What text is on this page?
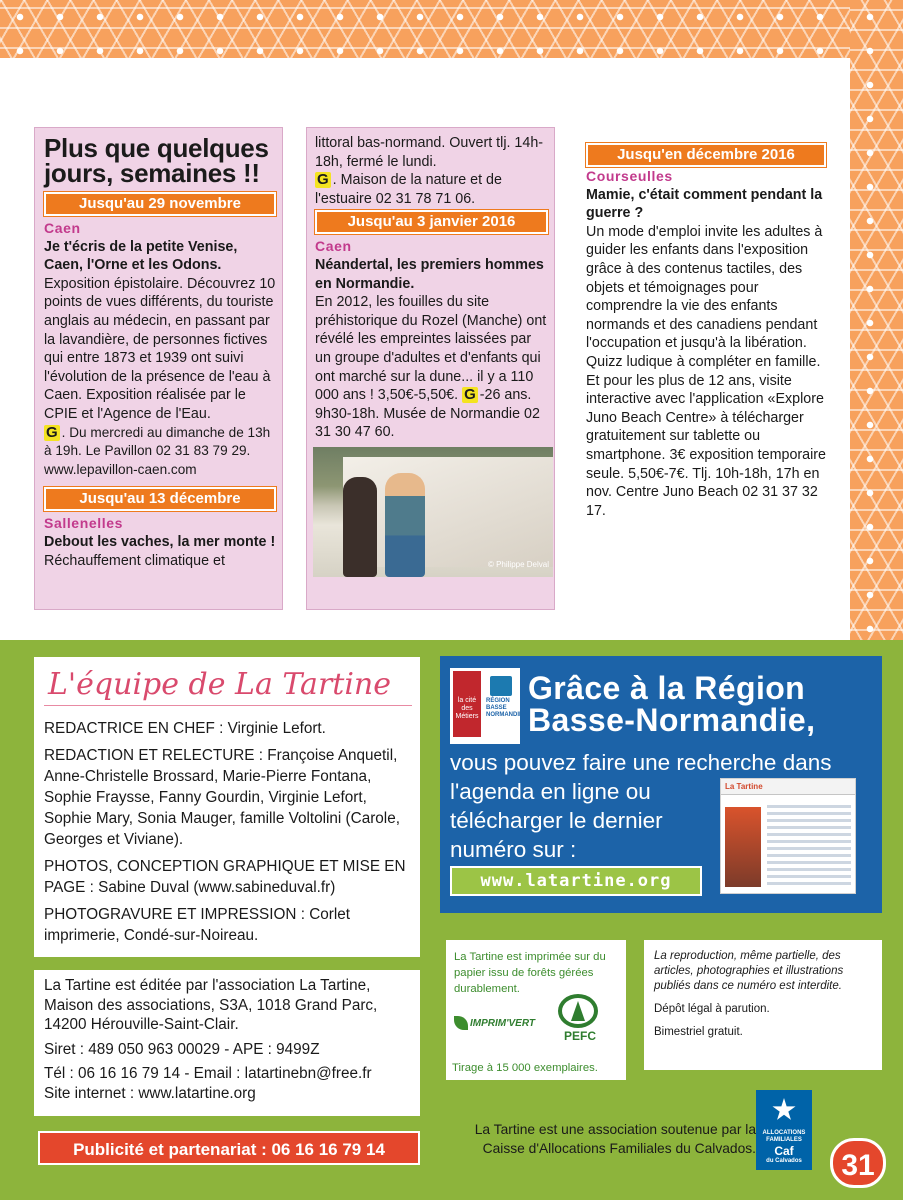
Plus que quelques jours, semaines !!
Jusqu'au 29 novembre
Caen
Je t'écris de la petite Venise, Caen, l'Orne et les Odons.
Exposition épistolaire. Découvrez 10 points de vues différents, du touriste anglais au médecin, en passant par la lavandière, de personnes fictives qui entre 1873 et 1939 ont suivi l'évolution de la présence de l'eau à Caen. Exposition réalisée par le CPIE et l'Agence de l'Eau.
G . Du mercredi au dimanche de 13h à 19h. Le Pavillon 02 31 83 79 29. www.lepavillon-caen.com
Jusqu'au 13 décembre
Sallenelles
Debout les vaches, la mer monte !
Réchauffement climatique et
littoral bas-normand. Ouvert tlj. 14h-18h, fermé le lundi.
G . Maison de la nature et de l'estuaire 02 31 78 71 06.
Jusqu'au 3 janvier 2016
Caen
Néandertal, les premiers hommes en Normandie.
En 2012, les fouilles du site préhistorique du Rozel (Manche) ont révélé les empreintes laissées par un groupe d'adultes et d'enfants qui ont marché sur la dune... il y a 110 000 ans ! 3,50€-5,50€. G -26 ans. 9h30-18h. Musée de Normandie 02 31 30 47 60.
© Philippe Delval
Jusqu'en décembre 2016
Courseulles
Mamie, c'était comment pendant la guerre ?
Un mode d'emploi invite les adultes à guider les enfants dans l'exposition grâce à des contenus tactiles, des objets et témoignages pour comprendre la vie des enfants normands et des canadiens pendant l'occupation et jusqu'à la libération. Quizz ludique à compléter en famille. Et pour les plus de 12 ans, visite interactive avec l'application «Explore Juno Beach Centre» à télécharger gratuitement sur tablette ou smartphone. 3€ exposition temporaire seule. 5,50€-7€. Tlj. 10h-18h, 17h en nov. Centre Juno Beach 02 31 37 32 17.
L'équipe de La Tartine

REDACTRICE EN CHEF : Virginie Lefort.

REDACTION ET RELECTURE : Françoise Anquetil, Anne-Christelle Brossard, Marie-Pierre Fontana, Sophie Fraysse, Fanny Gourdin, Virginie Lefort, Sophie Mary, Sonia Mauger, famille Voltolini (Carole, Georges et Viviane).

PHOTOS, CONCEPTION GRAPHIQUE ET MISE EN PAGE : Sabine Duval (www.sabineduval.fr)

PHOTOGRAVURE ET IMPRESSION : Corlet imprimerie, Condé-sur-Noireau.

La Tartine est éditée par l'association La Tartine, Maison des associations, S3A, 1018 Grand Parc, 14200 Hérouville-Saint-Clair.

Siret : 489 050 963 00029 - APE : 9499Z

Tél : 06 16 16 79 14 - Email : latartinebn@free.fr
Site internet : www.latartine.org
Publicité et partenariat : 06 16 16 79 14
la cité des Métiers
RÉGION BASSE NORMANDIE
Grâce à la Région
Basse-Normandie,
vous pouvez faire une recherche dans
l'agenda en ligne ou
télécharger le dernier
numéro sur :
www.latartine.org
La Tartine
La Tartine est imprimée sur du papier issu de forêts gérées durablement.
IMPRIM'VERT
PEFC
Tirage à 15 000 exemplaires.

La reproduction, même partielle, des articles, photographies et illustrations publiés dans ce numéro est interdite.

Dépôt légal à parution.

Bimestriel gratuit.

La Tartine est une association soutenue par la Caisse d'Allocations Familiales du Calvados.
ALLOCATIONS FAMILIALES
Caf
du Calvados	31
